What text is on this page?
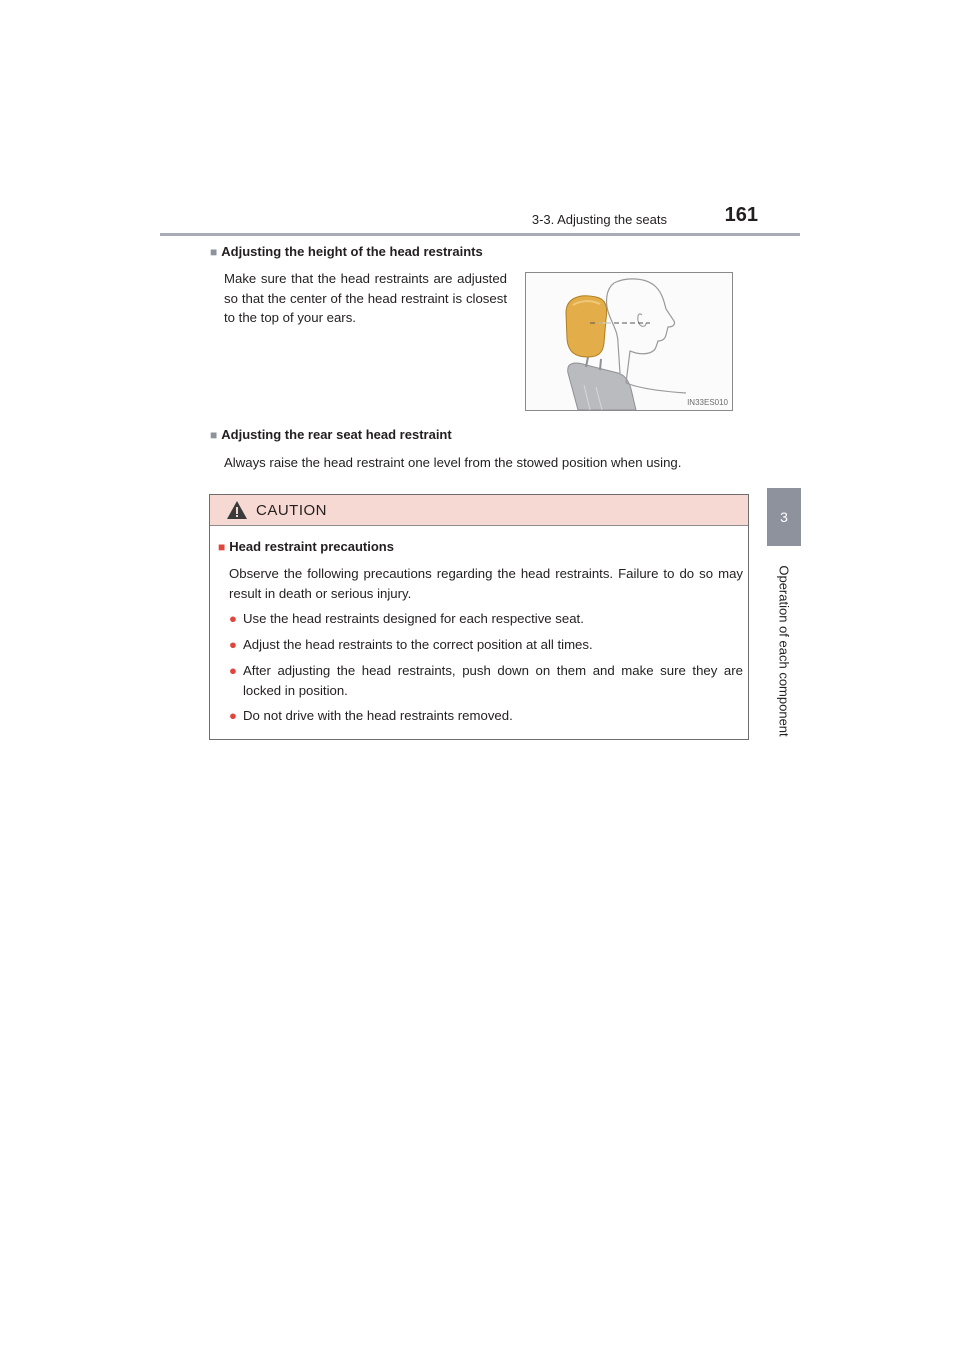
3-3. Adjusting the seats	161
3
Operation of each component
■ Adjusting the height of the head restraints
Make sure that the head restraints are adjusted so that the center of the head restraint is closest to the top of your ears.
IN33ES010
■ Adjusting the rear seat head restraint
Always raise the head restraint one level from the stowed position when using.
CAUTION
■ Head restraint precautions
Observe the following precautions regarding the head restraints. Failure to do so may result in death or serious injury.
● Use the head restraints designed for each respective seat.
● Adjust the head restraints to the correct position at all times.
● After adjusting the head restraints, push down on them and make sure they are locked in position.
● Do not drive with the head restraints removed.
